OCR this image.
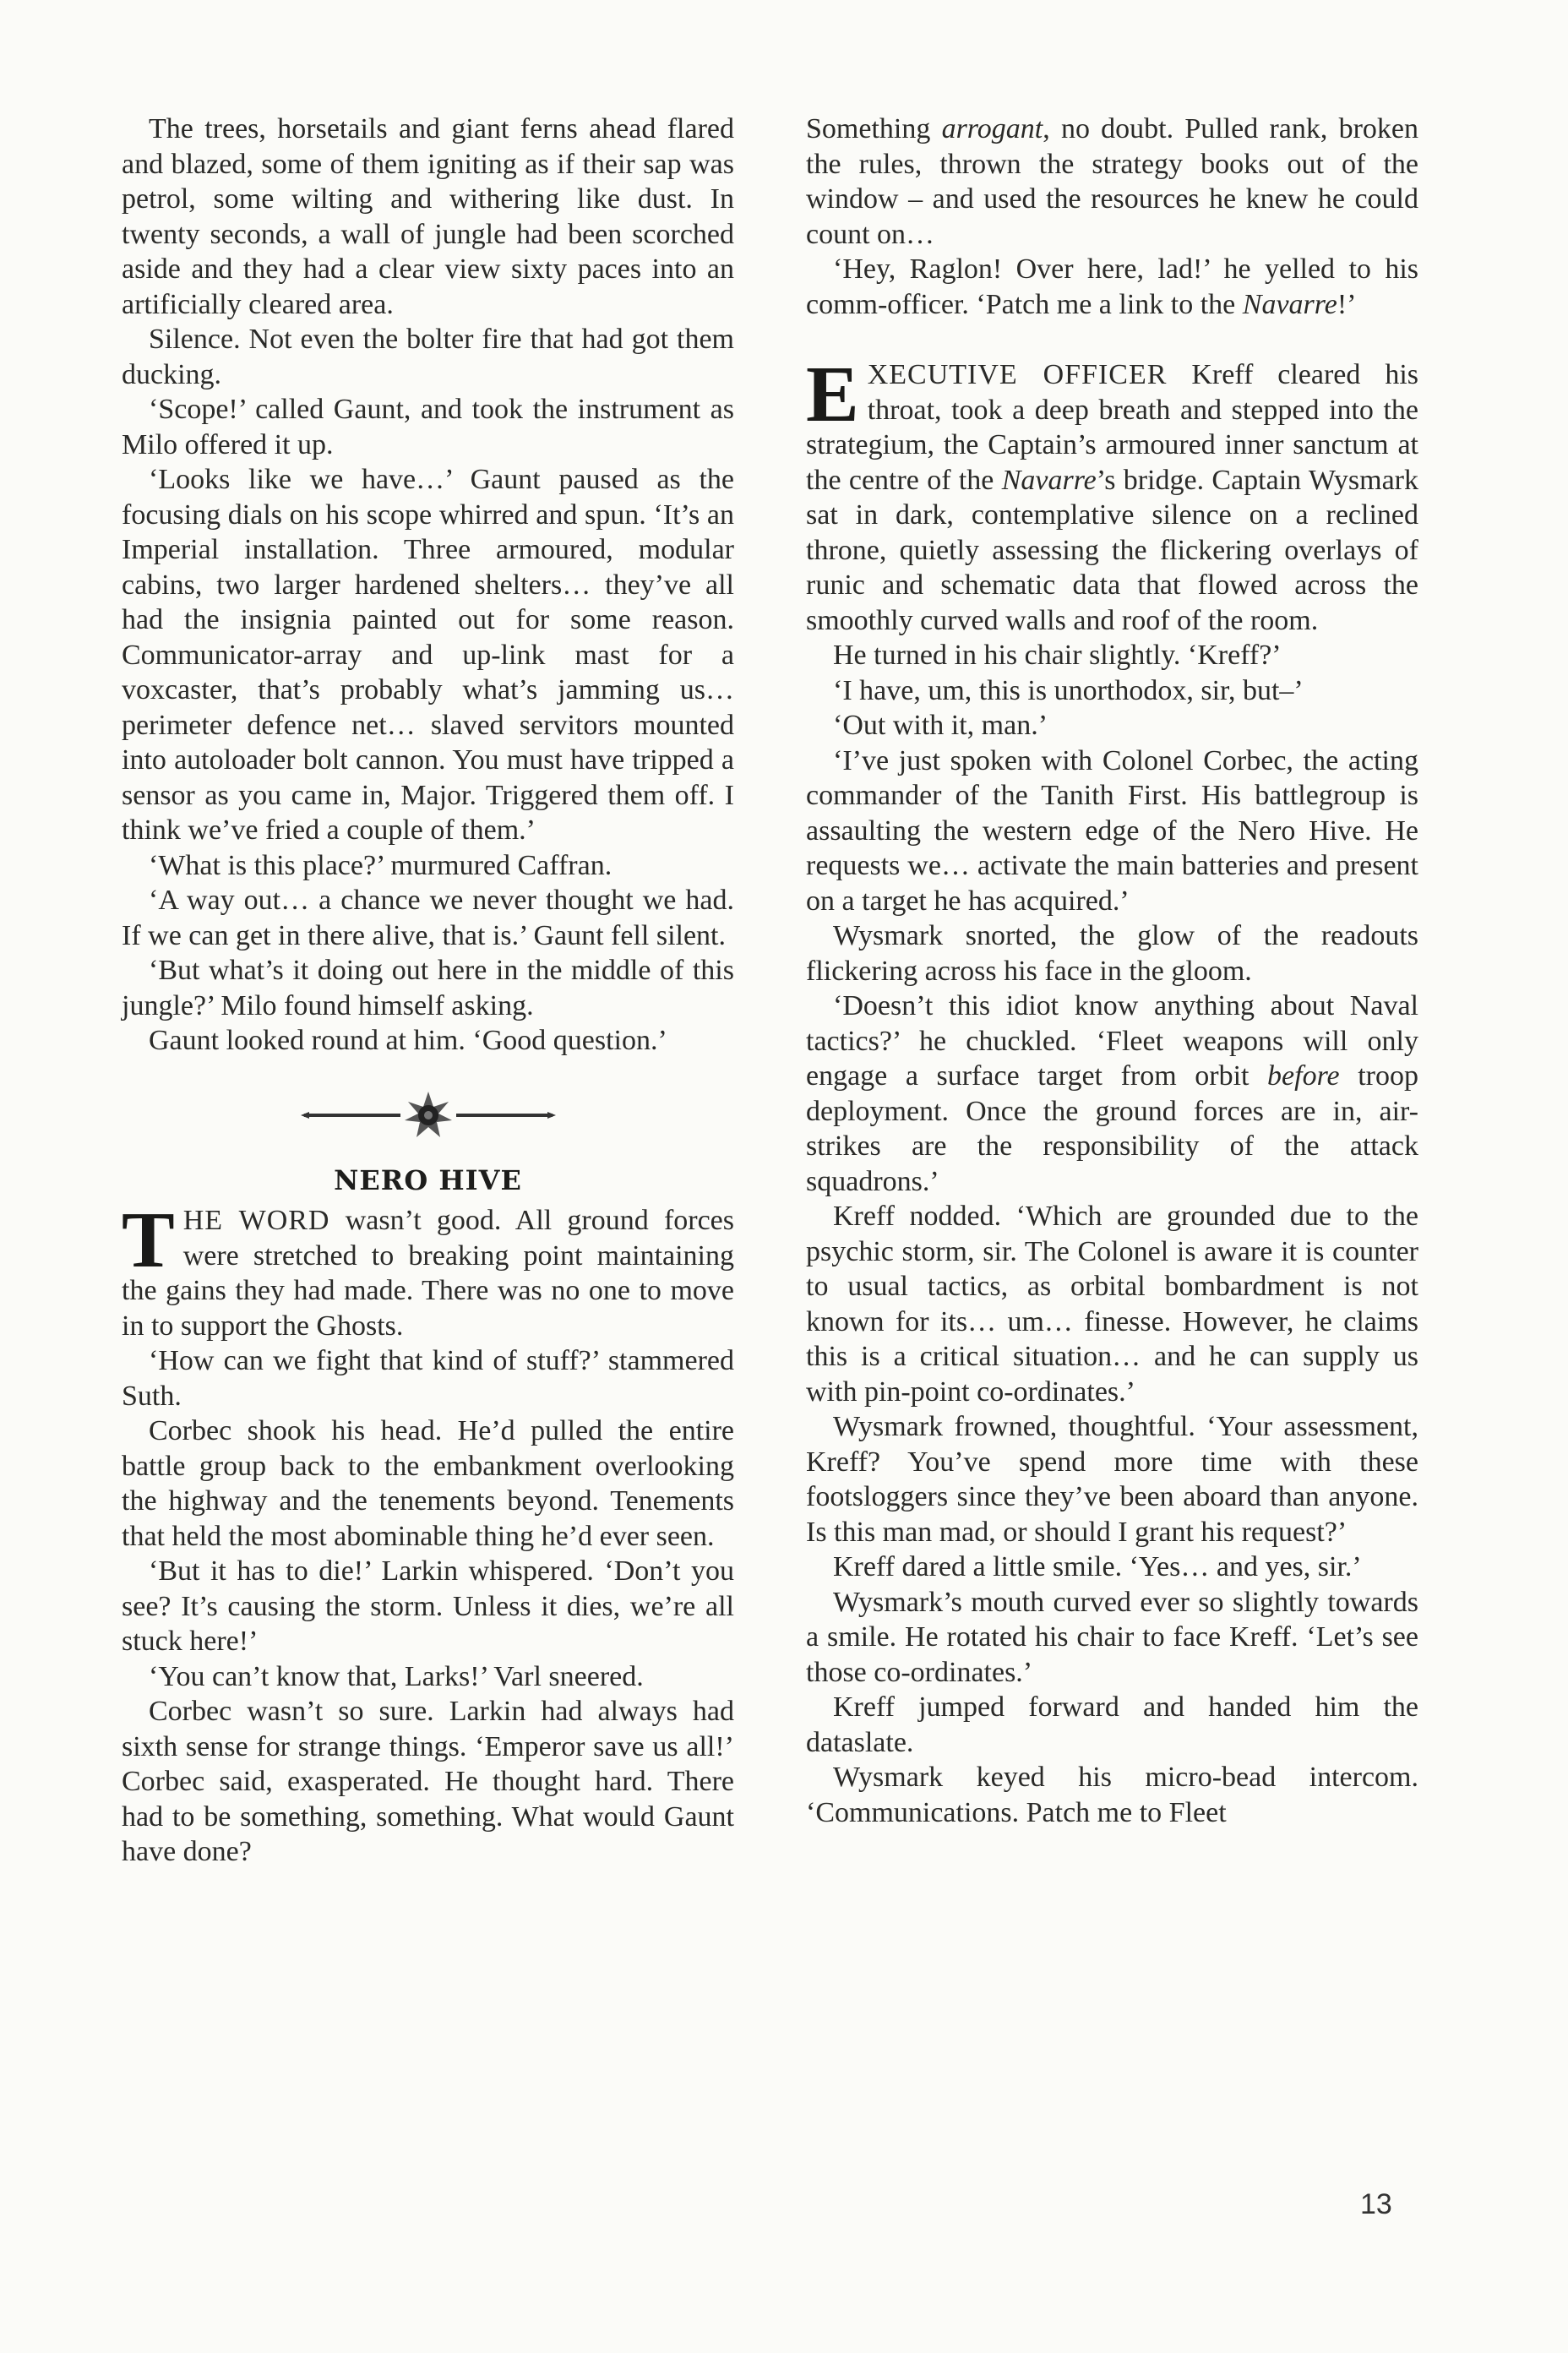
The trees, horsetails and giant ferns ahead flared and blazed, some of them igniting as if their sap was petrol, some wilting and withering like dust. In twenty seconds, a wall of jungle had been scorched aside and they had a clear view sixty paces into an artificially cleared area.

Silence. Not even the bolter fire that had got them ducking.

‘Scope!’ called Gaunt, and took the instrument as Milo offered it up.

‘Looks like we have…’ Gaunt paused as the focusing dials on his scope whirred and spun. ‘It’s an Imperial installation. Three armoured, modular cabins, two larger hardened shelters… they’ve all had the insignia painted out for some reason. Communicator-array and up-link mast for a voxcaster, that’s probably what’s jamming us… perimeter defence net… slaved servitors mounted into autoloader bolt cannon. You must have tripped a sensor as you came in, Major. Triggered them off. I think we’ve fried a couple of them.’

‘What is this place?’ murmured Caffran.

‘A way out… a chance we never thought we had. If we can get in there alive, that is.’ Gaunt fell silent.

‘But what’s it doing out here in the middle of this jungle?’ Milo found himself asking.

Gaunt looked round at him. ‘Good question.’

NERO HIVE

THE WORD wasn’t good. All ground forces were stretched to breaking point maintaining the gains they had made. There was no one to move in to support the Ghosts.

‘How can we fight that kind of stuff?’ stammered Suth.

Corbec shook his head. He’d pulled the entire battle group back to the embankment overlooking the highway and the tenements beyond. Tenements that held the most abominable thing he’d ever seen.

‘But it has to die!’ Larkin whispered. ‘Don’t you see? It’s causing the storm. Unless it dies, we’re all stuck here!’

‘You can’t know that, Larks!’ Varl sneered.

Corbec wasn’t so sure. Larkin had always had sixth sense for strange things. ‘Emperor save us all!’ Corbec said, exasperated. He thought hard. There had to be something, something. What would Gaunt have done?

Something arrogant, no doubt. Pulled rank, broken the rules, thrown the strategy books out of the window – and used the resources he knew he could count on…

‘Hey, Raglon! Over here, lad!’ he yelled to his comm-officer. ‘Patch me a link to the Navarre!’

EXECUTIVE OFFICER Kreff cleared his throat, took a deep breath and stepped into the strategium, the Captain’s armoured inner sanctum at the centre of the Navarre’s bridge. Captain Wysmark sat in dark, contemplative silence on a reclined throne, quietly assessing the flickering overlays of runic and schematic data that flowed across the smoothly curved walls and roof of the room.

He turned in his chair slightly. ‘Kreff?’

‘I have, um, this is unorthodox, sir, but–’

‘Out with it, man.’

‘I’ve just spoken with Colonel Corbec, the acting commander of the Tanith First. His battlegroup is assaulting the western edge of the Nero Hive. He requests we… activate the main batteries and present on a target he has acquired.’

Wysmark snorted, the glow of the readouts flickering across his face in the gloom.

‘Doesn’t this idiot know anything about Naval tactics?’ he chuckled. ‘Fleet weapons will only engage a surface target from orbit before troop deployment. Once the ground forces are in, air-strikes are the responsibility of the attack squadrons.’

Kreff nodded. ‘Which are grounded due to the psychic storm, sir. The Colonel is aware it is counter to usual tactics, as orbital bombardment is not known for its… um… finesse. However, he claims this is a critical situation… and he can supply us with pin-point co-ordinates.’

Wysmark frowned, thoughtful. ‘Your assessment, Kreff? You’ve spend more time with these footsloggers since they’ve been aboard than anyone. Is this man mad, or should I grant his request?’

Kreff dared a little smile. ‘Yes… and yes, sir.’

Wysmark’s mouth curved ever so slightly towards a smile. He rotated his chair to face Kreff. ‘Let’s see those co-ordinates.’

Kreff jumped forward and handed him the dataslate.

Wysmark keyed his micro-bead intercom. ‘Communications. Patch me to Fleet

13
